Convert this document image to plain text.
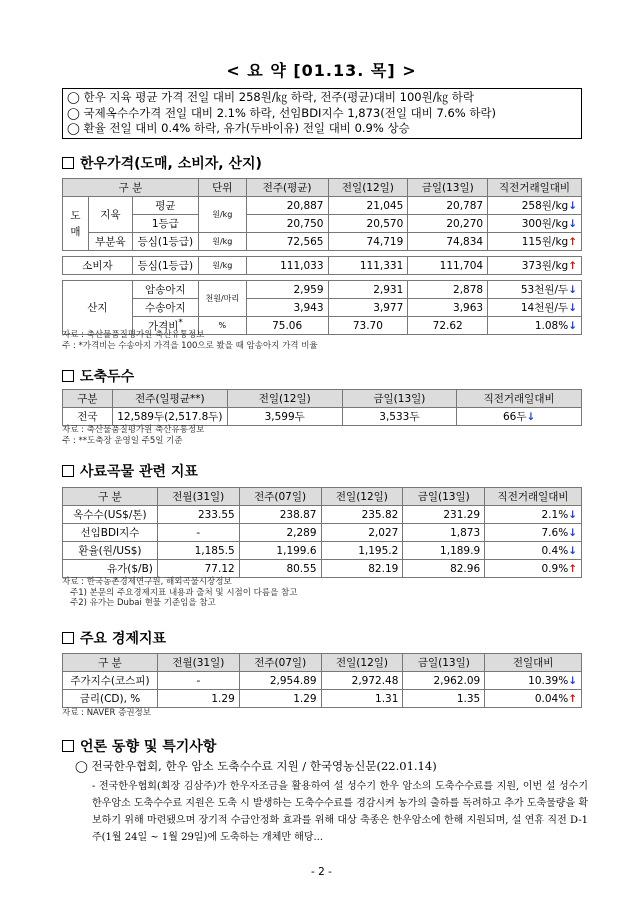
< 요 약 [01.13. 목] >
◯ 한우 지육 평균 가격 전일 대비 258원/㎏ 하락, 전주(평균)대비 100원/㎏ 하락
◯ 국제옥수수가격 전일 대비 2.1% 하락, 선임BDI지수 1,873(전일 대비 7.6% 하락)
◯ 환율 전일 대비 0.4% 하락, 유가(두바이유) 전일 대비 0.9% 상승
한우가격(도매, 소비자, 산지)
구 분			단위	전주(평균)	전일(12일)	금일(13일)	직전거래일대비
도
매	지육	평균	원/kg	20,887	21,045	20,787	258원/kg↓
		1등급		20,750	20,570	20,270	300원/kg↓
	부분육	등심(1등급)	원/kg	72,565	74,719	74,834	115원/kg↑

소비자		등심(1등급)	원/kg	111,033	111,331	111,704	373원/kg↑

산지		암송아지	천원/마리	2,959	2,931	2,878	53천원/두↓
		수송아지		3,943	3,977	3,963	14천원/두↓
		가격비*	%	75.06	73.70	72.62	1.08%↓
자료 : 축산물품질평가원 축산유통정보
주 : *가격비는 수송아지 가격을 100으로 봤을 때 암송아지 가격 비율
도축두수
구분	전주(일평균**)	전일(12일)	금일(13일)	직전거래일대비
전국	12,589두(2,517.8두)	3,599두	3,533두	66두↓
자료 : 축산물품질평가원 축산유통정보
주 : **도축장 운영일 주5일 기준
사료곡물 관련 지표
구 분	전월(31일)	전주(07일)	전일(12일)	금일(13일)	직전거래일대비
옥수수(US$/톤)	233.55	238.87	235.82	231.29	2.1%↓
선임BDI지수	-	2,289	2,027	1,873	7.6%↓
환율(원/US$)	1,185.5	1,199.6	1,195.2	1,189.9	0.4%↓
유가($/B)	77.12	80.55	82.19	82.96	0.9%↑
자료 : 한국농촌경제연구원, 해외곡물시장정보
주1) 본문의 주요경제지표 내용과 출처 및 시점이 다름을 참고
주2) 유가는 Dubai 현물 기준임을 참고
주요 경제지표
구 분	전월(31일)	전주(07일)	전일(12일)	금일(13일)	전일대비
주가지수(코스피)	-	2,954.89	2,972.48	2,962.09	10.39%↓
금리(CD), %	1.29	1.29	1.31	1.35	0.04%↑
자료 : NAVER 증권정보
언론 동향 및 특기사항
◯ 전국한우협회, 한우 암소 도축수수료 지원 / 한국영농신문(22.01.14)
- 전국한우협회(회장 김삼주)가 한우자조금을 활용하여 설 성수기 한우 암소의 도축수수료를 지원, 이번 설 성수기 한우암소 도축수수료 지원은 도축 시 발생하는 도축수수료를 경감시켜 농가의 출하를 독려하고 추가 도축물량을 확보하기 위해 마련됐으며 장기적 수급안정화 효과를 위해 대상 축종은 한우암소에 한해 지원되며, 설 연휴 직전 D-1주(1월 24일 ~ 1월 29일)에 도축하는 개체만 해당...
- 2 -
